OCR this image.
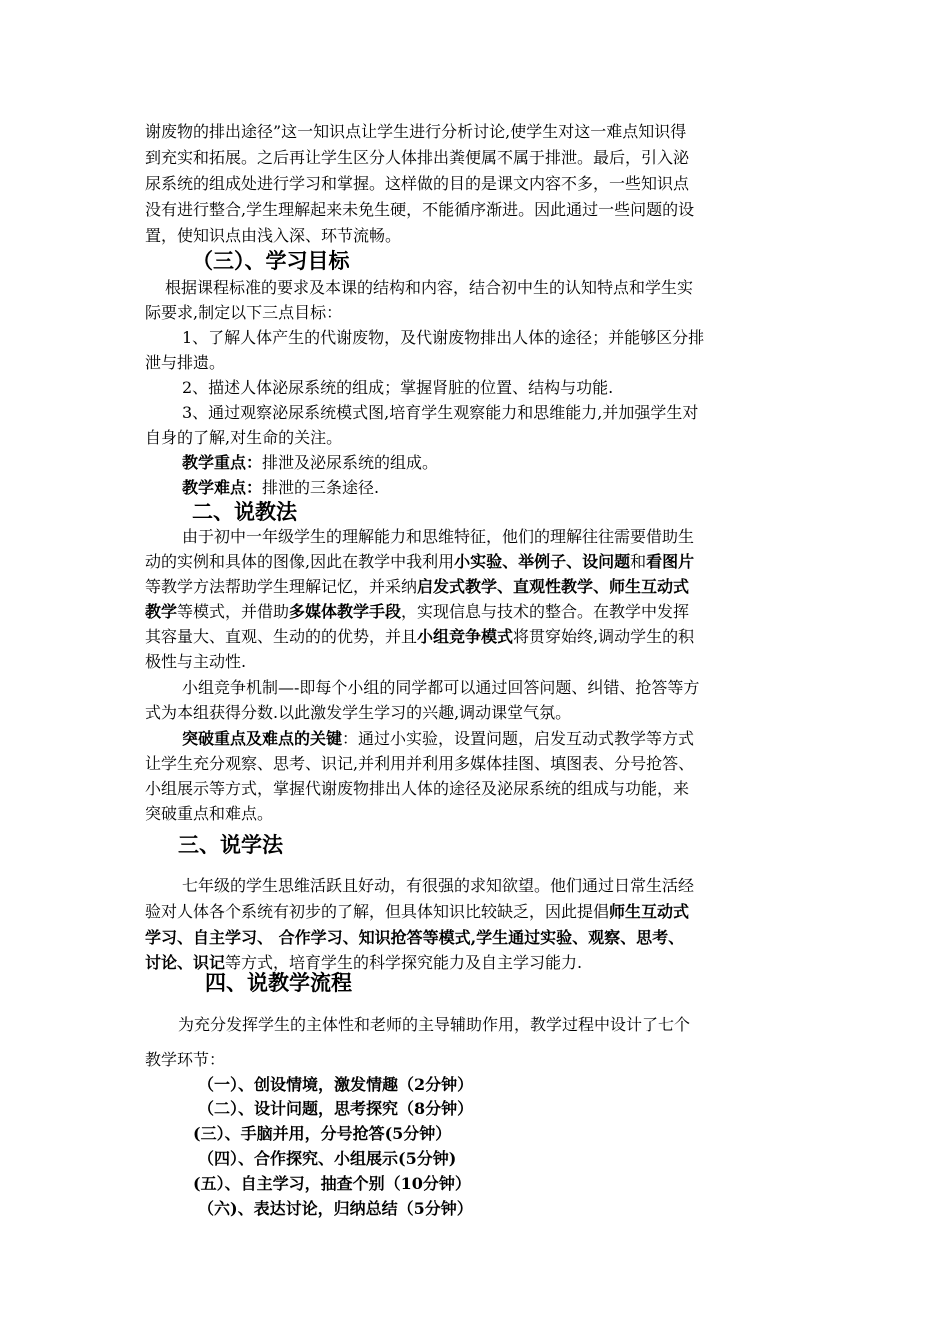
谢废物的排出途径”这一知识点让学生进行分析讨论,使学生对这一难点知识得
到充实和拓展。之后再让学生区分人体排出粪便属不属于排泄。最后，引入泌
尿系统的组成处进行学习和掌握。这样做的目的是课文内容不多，一些知识点
没有进行整合,学生理解起来未免生硬，不能循序渐进。因此通过一些问题的设
置，使知识点由浅入深、环节流畅。
（三）、学习目标
根据课程标准的要求及本课的结构和内容，结合初中生的认知特点和学生实
际要求,制定以下三点目标：
1、了解人体产生的代谢废物，及代谢废物排出人体的途径；并能够区分排
泄与排遗。
2、描述人体泌尿系统的组成；掌握肾脏的位置、结构与功能.
3、通过观察泌尿系统模式图,培育学生观察能力和思维能力,并加强学生对
自身的了解,对生命的关注。
教学重点：排泄及泌尿系统的组成。
教学难点：排泄的三条途径.
二、说教法
由于初中一年级学生的理解能力和思维特征，他们的理解往往需要借助生
动的实例和具体的图像,因此在教学中我利用小实验、举例子、设问题和看图片
等教学方法帮助学生理解记忆，并采纳启发式教学、直观性教学、师生互动式
教学等模式，并借助多媒体教学手段，实现信息与技术的整合。在教学中发挥
其容量大、直观、生动的的优势，并且小组竞争模式将贯穿始终,调动学生的积
极性与主动性.
小组竞争机制—-即每个小组的同学都可以通过回答问题、纠错、抢答等方
式为本组获得分数.以此激发学生学习的兴趣,调动课堂气氛。
突破重点及难点的关键：通过小实验，设置问题，启发互动式教学等方式
让学生充分观察、思考、识记,并利用并利用多媒体挂图、填图表、分号抢答、
小组展示等方式，掌握代谢废物排出人体的途径及泌尿系统的组成与功能，来
突破重点和难点。
三、说学法
七年级的学生思维活跃且好动，有很强的求知欲望。他们通过日常生活经
验对人体各个系统有初步的了解，但具体知识比较缺乏，因此提倡师生互动式
学习、自主学习、 合作学习、知识抢答等模式,学生通过实验、观察、思考、
讨论、识记等方式，培育学生的科学探究能力及自主学习能力.
四、说教学流程
为充分发挥学生的主体性和老师的主导辅助作用，教学过程中设计了七个
教学环节：
（一）、创设情境，激发情趣（2分钟）
（二）、设计问题，思考探究（8分钟）
(三）、手脑并用，分号抢答(5分钟）
（四）、合作探究、小组展示(5分钟)
(五）、自主学习，抽查个别（10分钟）
（六)、表达讨论，归纳总结（5分钟）
